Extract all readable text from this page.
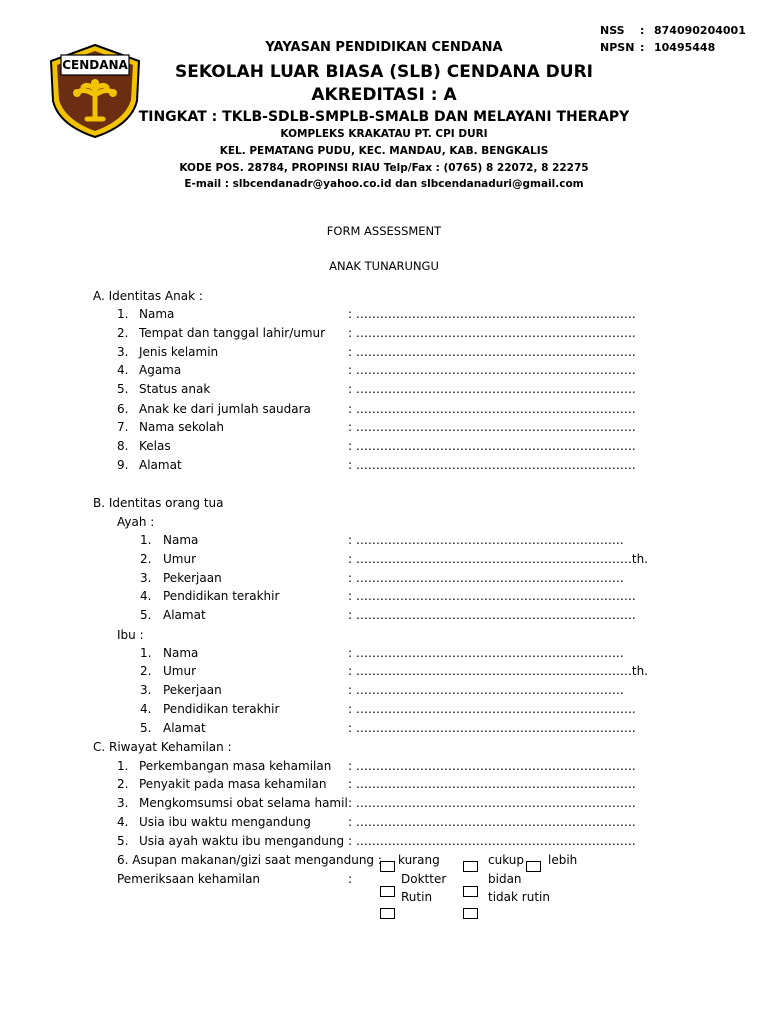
CENDANA
NSS : 874090204001
NPSN : 10495448
YAYASAN PENDIDIKAN CENDANA
SEKOLAH LUAR BIASA (SLB) CENDANA DURI
AKREDITASI : A
TINGKAT : TKLB-SDLB-SMPLB-SMALB DAN MELAYANI THERAPY
KOMPLEKS KRAKATAU PT. CPI DURI
KEL. PEMATANG PUDU, KEC. MANDAU, KAB. BENGKALIS
KODE POS. 28784, PROPINSI RIAU Telp/Fax : (0765) 8 22072, 8 22275
E-mail : slbcendanadr@yahoo.co.id dan slbcendanaduri@gmail.com
FORM ASSESSMENT
ANAK TUNARUNGU
A. Identitas Anak :
1. Nama	: …………………………………………………………….
2. Tempat dan tanggal lahir/umur : …………………………………………………………….
3. Jenis kelamin	: …………………………………………………………….
4. Agama	: …………………………………………………………….
5. Status anak	: …………………………………………………………….
6. Anak ke dari jumlah saudara	: …………………………………………………………….
7. Nama sekolah	: …………………………………………………………….
8. Kelas	: …………………………………………………………….
9. Alamat	: …………………………………………………………….
B. Identitas orang tua
Ayah :
1. Nama	: ………………………………………………………….
2. Umur	: ……………………………………………………………th.
3. Pekerjaan	: ………………………………………………………….
4. Pendidikan terakhir	: …………………………………………………………….
5. Alamat	: …………………………………………………………….
Ibu :
1. Nama	: ………………………………………………………….
2. Umur	: ……………………………………………………………th.
3. Pekerjaan	: ………………………………………………………….
4. Pendidikan terakhir	: …………………………………………………………….
5. Alamat	: …………………………………………………………….
C. Riwayat Kehamilan :
1. Perkembangan masa kehamilan : …………………………………………………………….
2. Penyakit pada masa kehamilan : …………………………………………………………….
3. Mengkomsumsi obat selama hamil : …………………………………………………………….
4. Usia ibu waktu mengandung	: …………………………………………………………….
5. Usia ayah waktu ibu mengandung : …………………………………………………………….
6. Asupan makanan/gizi saat mengandung : kurang	cukup lebih
Pemeriksaan kehamilan	:	Doktter	bidan
Rutin	tidak rutin
